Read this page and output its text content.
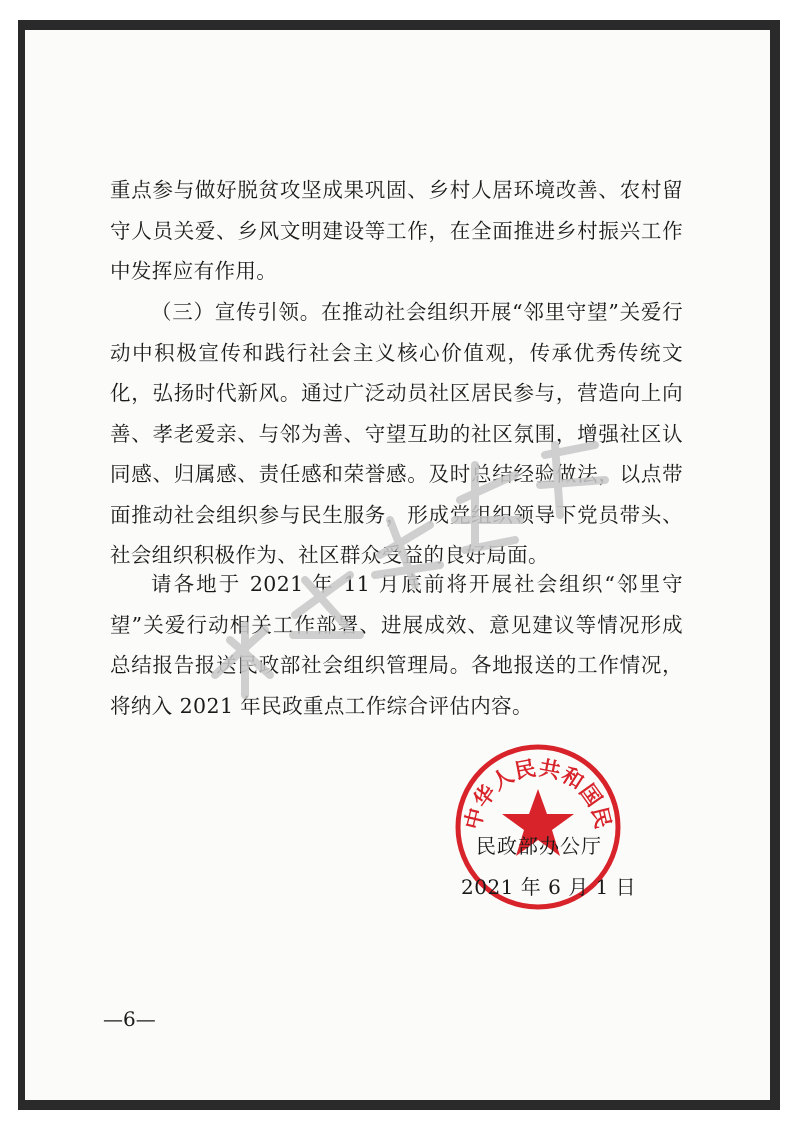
重点参与做好脱贫攻坚成果巩固、乡村人居环境改善、农村留守人员关爱、乡风文明建设等工作，在全面推进乡村振兴工作中发挥应有作用。

（三）宣传引领。在推动社会组织开展“邻里守望”关爱行动中积极宣传和践行社会主义核心价值观，传承优秀传统文化，弘扬时代新风。通过广泛动员社区居民参与，营造向上向善、孝老爱亲、与邻为善、守望互助的社区氛围，增强社区认同感、归属感、责任感和荣誉感。及时总结经验做法，以点带面推动社会组织参与民生服务，形成党组织领导下党员带头、社会组织积极作为、社区群众受益的良好局面。

请各地于 2021 年 11 月底前将开展社会组织“邻里守望”关爱行动相关工作部署、进展成效、意见建议等情况形成总结报告报送民政部社会组织管理局。各地报送的工作情况，将纳入 2021 年民政重点工作综合评估内容。

中华人民共和国民
民政部办公厅
2021 年 6 月 1 日
—6—
